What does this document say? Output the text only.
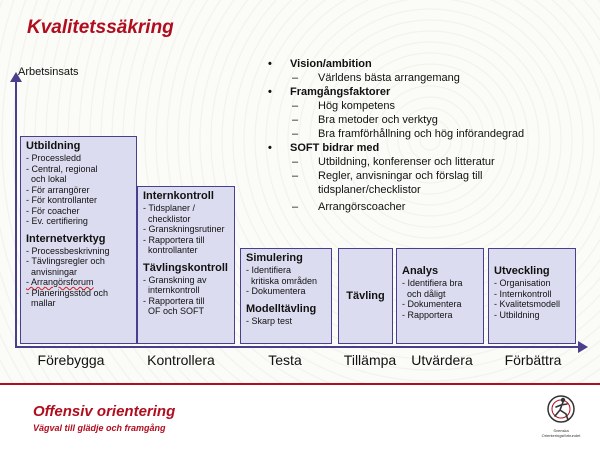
Kvalitetssäkring
Arbetsinsats
Utbildning
- Processledd
- Central, regional
och lokal
- För arrangörer
- För kontrollanter
- För coacher
- Ev. certifiering
Internetverktyg
- Processbeskrivning
- Tävlingsregler och
anvisningar
- Arrangörsforum
- Planeringsstöd och
mallar
Internkontroll
- Tidsplaner /
checklistor
- Granskningsrutiner
- Rapportera till
kontrollanter
Tävlingskontroll
- Granskning av
internkontroll
- Rapportera till
OF och SOFT
Simulering
- Identifiera
kritiska områden
- Dokumentera
Modelltävling
- Skarp test
Tävling
Analys
- Identifiera bra
och dåligt
- Dokumentera
- Rapportera
Utveckling
- Organisation
- Internkontroll
- Kvalitetsmodell
- Utbildning
Förebygga	Kontrollera	Testa	Tillämpa	Utvärdera	Förbättra
• Vision/ambition
– Världens bästa arrangemang
• Framgångsfaktorer
– Hög kompetens
– Bra metoder och verktyg
– Bra framförhållning och hög införandegrad
• SOFT bidrar med
– Utbildning, konferenser och litteratur
– Regler, anvisningar och förslag till tidsplaner/checklistor
– Arrangörscoacher
Offensiv orientering
Vägval till glädje och framgång	Svenska
Orienteringsförbundet
